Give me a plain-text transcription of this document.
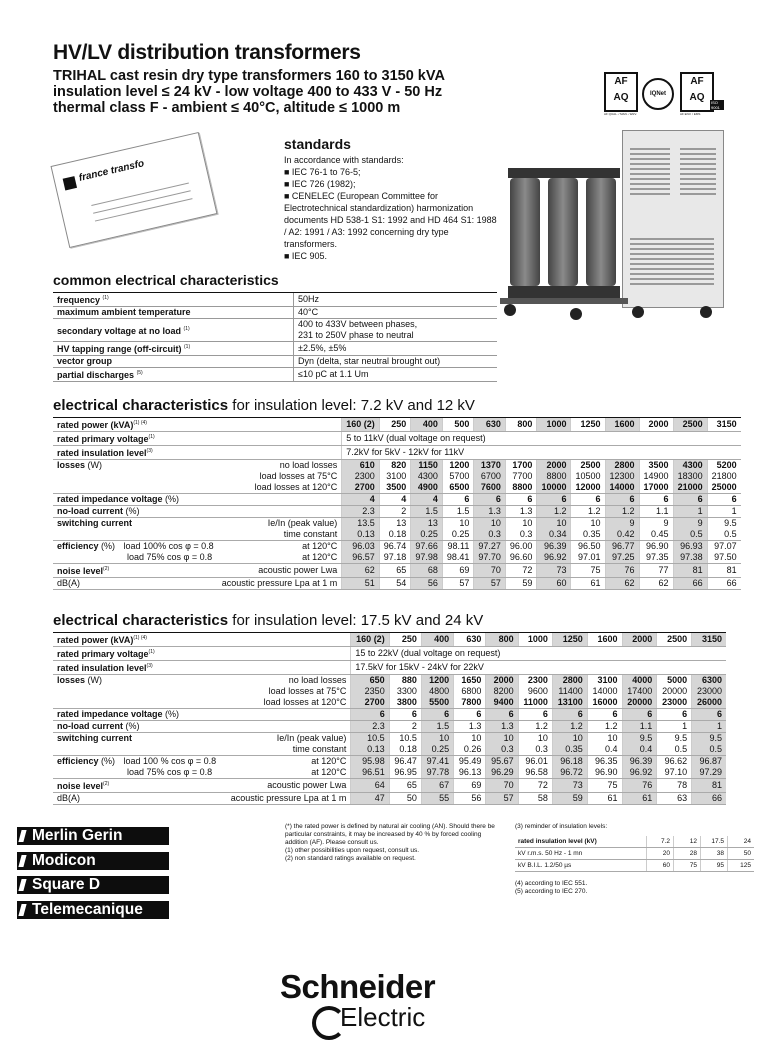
HV/LV distribution transformers
TRIHAL cast resin dry type transformers 160 to 3150 kVA
insulation level ≤ 24 kV - low voltage 400 to 433 V - 50 Hz
thermal class F - ambient ≤ 40°C, altitude ≤ 1000 m
AF AQ
AF QUAL. / MAN. / ENV.
IQNet
AF AQ
AF ENV. / EMS
ISO 9001
france transfo
standards
In accordance with standards:
■ IEC 76-1 to 76-5;
■ IEC 726 (1982);
■ CENELEC (European Committee for Electrotechnical standardization) harmonization documents HD 538-1 S1: 1992 and HD 464 S1: 1988 / A2: 1991 / A3: 1992 concerning dry type transformers.
■ IEC 905.
common electrical characteristics
frequency $^{(1)}$	50Hz
maximum ambient temperature	40°C
secondary voltage at no load $^{(1)}$	400 to 433V between phases,
231 to 250V phase to neutral

HV tapping range (off-circuit) $^{(1)}$	±2.5%, ±5%
vector group	Dyn (delta, star neutral brought out)
partial discharges $^{(5)}$	≤10 pC at 1.1 Um
electrical characteristics for insulation level: 7.2 kV and 12 kV
rated power (kVA)$^{(1) (4)}$		160 (2)	250	400	500	630	800	1000	1250	1600	2000	2500	3150
rated primary voltage$^{(1)}$		5 to 11kV (dual voltage on request)											
rated insulation level$^{(3)}$		7.2kV for 5kV - 12kV for 11kV											
losses (W)	no load losses	610	820	1150	1200	1370	1700	2000	2500	2800	3500	4300	5200
	load losses at 75°C	2300	3100	4300	5700	6700	7700	8800	10500	12300	14900	18300	21800
	load losses at 120°C	2700	3500	4900	6500	7600	8800	10000	12000	14000	17000	21000	25000
rated impedance voltage (%)		4	4	4	6	6	6	6	6	6	6	6	6
no-load current (%)		2.3	2	1.5	1.5	1.3	1.3	1.2	1.2	1.2	1.1	1	1
switching current	Ie/In (peak value)	13.5	13	13	10	10	10	10	10	9	9	9	9.5
	time constant	0.13	0.18	0.25	0.25	0.3	0.3	0.34	0.35	0.42	0.45	0.5	0.5
efficiency (%) load 100% cos φ = 0.8	at 120°C	96.03	96.74	97.66	98.11	97.27	96.00	96.39	96.50	96.77	96.90	96.93	97.07
load 75% cos φ = 0.8	at 120°C	96.57	97.18	97.98	98.41	97.70	96.60	96.92	97.01	97.25	97.35	97.38	97.50
noise level$^{(2)}$	acoustic power Lwa	62	65	68	69	70	72	73	75	76	77	81	81
dB(A)	acoustic pressure Lpa at 1 m	51	54	56	57	57	59	60	61	62	62	66	66
electrical characteristics for insulation level: 17.5 kV and 24 kV
rated power (kVA)$^{(1) (4)}$		160 (2)	250	400	630	800	1000	1250	1600	2000	2500	3150
rated primary voltage$^{(1)}$		15 to 22kV (dual voltage on request)										
rated insulation level$^{(3)}$		17.5kV for 15kV - 24kV for 22kV										
losses (W)	no load losses	650	880	1200	1650	2000	2300	2800	3100	4000	5000	6300
	load losses at 75°C	2350	3300	4800	6800	8200	9600	11400	14000	17400	20000	23000
	load losses at 120°C	2700	3800	5500	7800	9400	11000	13100	16000	20000	23000	26000
rated impedance voltage (%)		6	6	6	6	6	6	6	6	6	6	6
no-load current (%)		2.3	2	1.5	1.3	1.3	1.2	1.2	1.2	1.1	1	1
switching current	Ie/In (peak value)	10.5	10.5	10	10	10	10	10	10	9.5	9.5	9.5
	time constant	0.13	0.18	0.25	0.26	0.3	0.3	0.35	0.4	0.4	0.5	0.5
efficiency (%) load 100 % cos φ = 0.8	at 120°C	95.98	96.47	97.41	95.49	95.67	96.01	96.18	96.35	96.39	96.62	96.87
load 75% cos φ = 0.8	at 120°C	96.51	96.95	97.78	96.13	96.29	96.58	96.72	96.90	96.92	97.10	97.29
noise level$^{(2)}$	acoustic power Lwa	64	65	67	69	70	72	73	75	76	78	81
dB(A)	acoustic pressure Lpa at 1 m	47	50	55	56	57	58	59	61	61	63	66
Merlin Gerin
Modicon
Square D
Telemecanique
(*) the rated power is defined by natural air cooling (AN). Should there be particular constraints, it may be increased by 40 % by forced cooling addition (AF). Please consult us.
(1) other possibilities upon request, consult us.
(2) non standard ratings available on request.
(3) reminder of insulation levels:
rated insulation level (kV)	7.2	12	17.5	24
kV r.m.s. 50 Hz - 1 mn	20	28	38	50
kV B.I.L. 1.2/50 µs	60	75	95	125
(4) according to IEC 551.
(5) according to IEC 270.
Schneider
Electric
